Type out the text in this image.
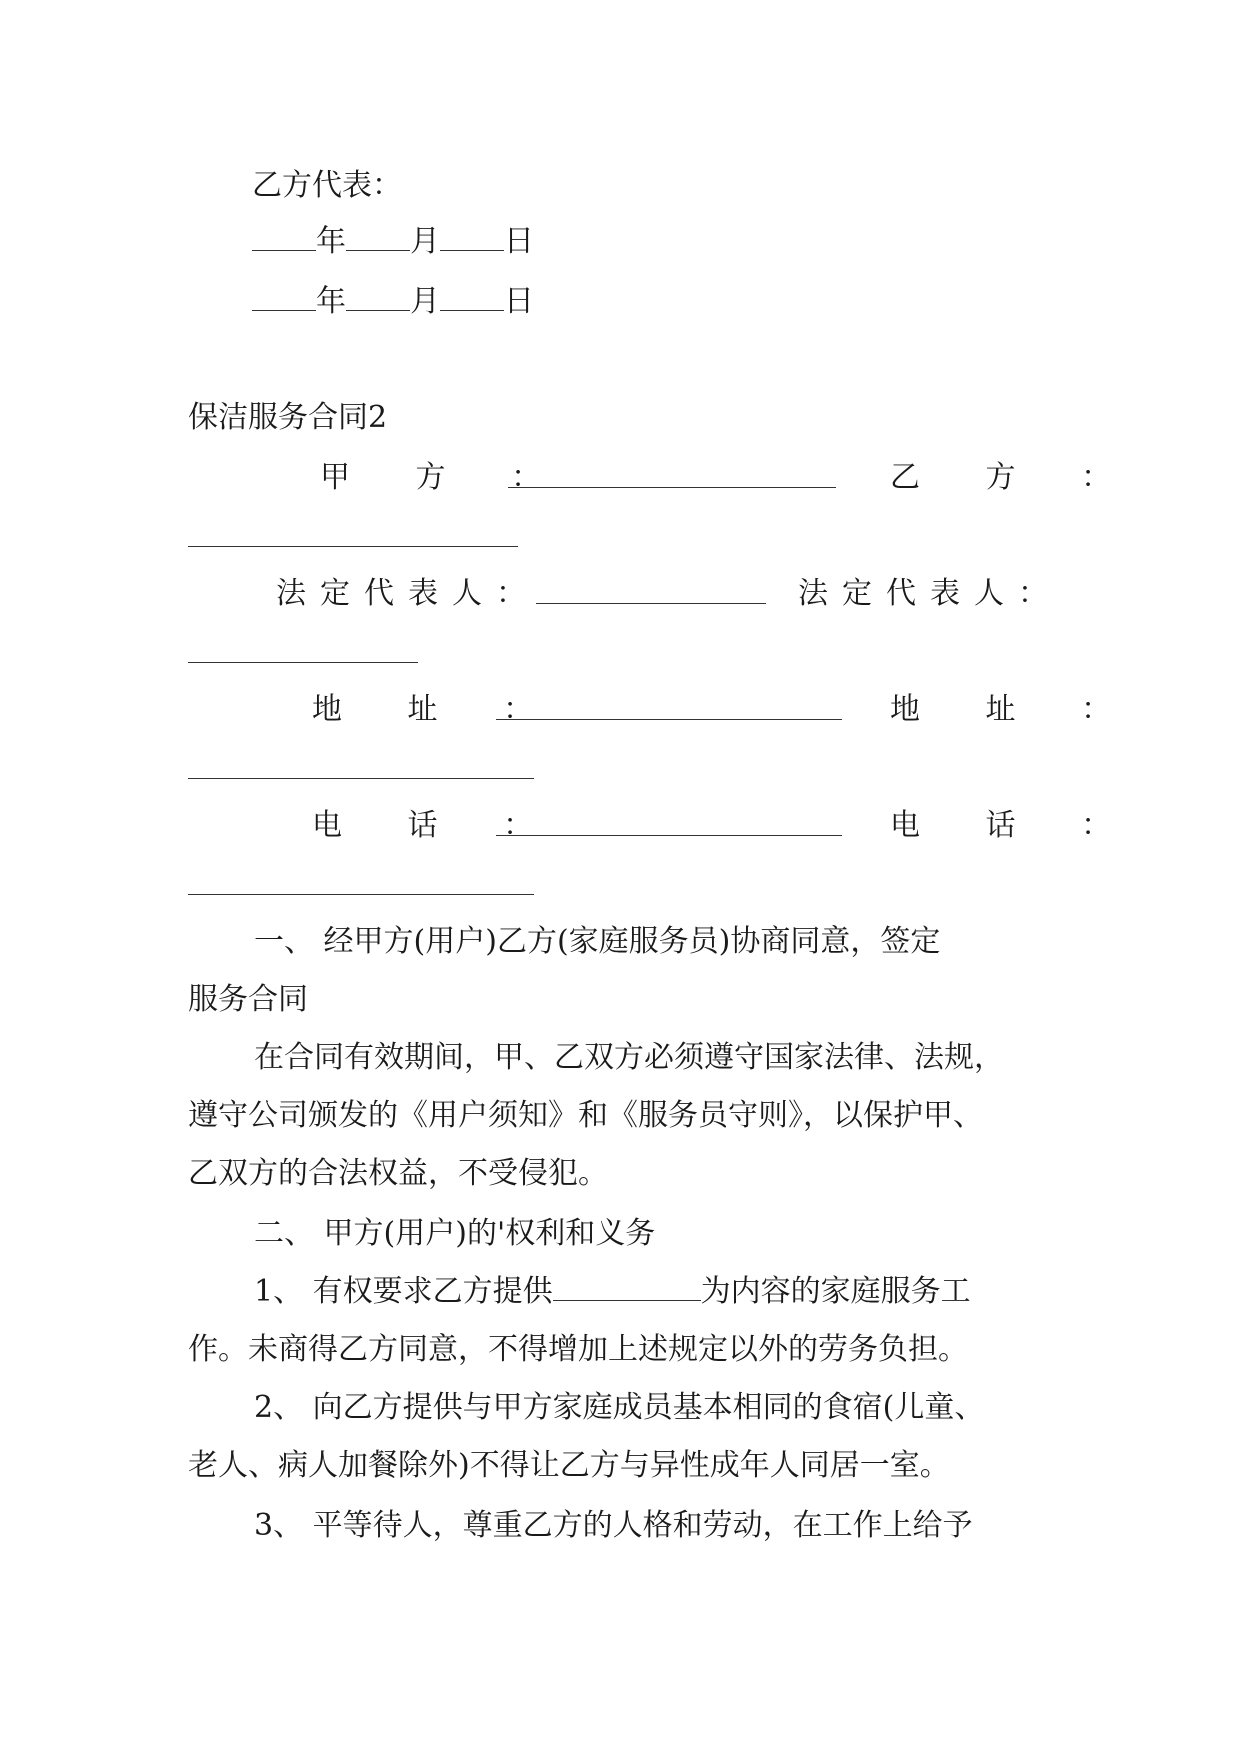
乙方代表：
年 月 日
年 月 日
保洁服务合同2
甲 方 ：	乙 方 ：
法定代表人：	法定代表人：
地 址 ：	地 址 ：
电 话 ：	电 话 ：
一、 经甲方(用户)乙方(家庭服务员)协商同意，签定
服务合同
在合同有效期间，甲、乙双方必须遵守国家法律、法规，
遵守公司颁发的《用户须知》和《服务员守则》，以保护甲、
乙双方的合法权益，不受侵犯。
二、 甲方(用户)的'权利和义务
1、 有权要求乙方提供	为内容的家庭服务工
作。未商得乙方同意，不得增加上述规定以外的劳务负担。
2、 向乙方提供与甲方家庭成员基本相同的食宿(儿童、
老人、病人加餐除外)不得让乙方与异性成年人同居一室。
3、 平等待人，尊重乙方的人格和劳动，在工作上给予
